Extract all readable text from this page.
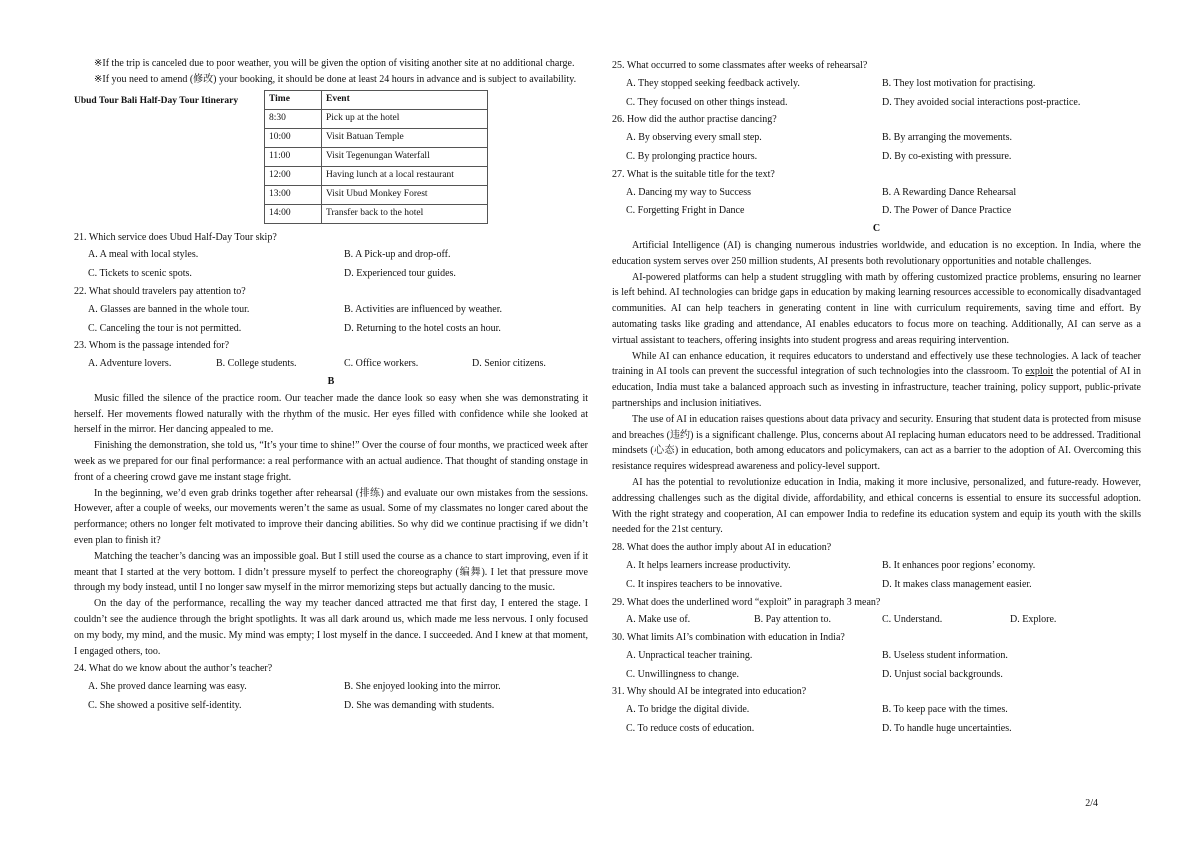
※If the trip is canceled due to poor weather, you will be given the option of visiting another site at no additional charge.

※If you need to amend (修改) your booking, it should be done at least 24 hours in advance and is subject to availability.

Ubud Tour Bali Half-Day Tour Itinerary	Time	Event
8:30	Pick up at the hotel
10:00	Visit Batuan Temple
11:00	Visit Tegenungan Waterfall
12:00	Having lunch at a local restaurant
13:00	Visit Ubud Monkey Forest
14:00	Transfer back to the hotel

21. Which service does Ubud Half-Day Tour skip?

A. A meal with local styles.	B. A Pick-up and drop-off.
C. Tickets to scenic spots.	D. Experienced tour guides.

22. What should travelers pay attention to?

A. Glasses are banned in the whole tour.	B. Activities are influenced by weather.
C. Canceling the tour is not permitted.	D. Returning to the hotel costs an hour.

23. Whom is the passage intended for?

A. Adventure lovers.	B. College students.	C. Office workers.	D. Senior citizens.

B

Music filled the silence of the practice room. Our teacher made the dance look so easy when she was demonstrating it herself. Her movements flowed naturally with the rhythm of the music. Her eyes filled with confidence while she looked at herself in the mirror. Her dancing appealed to me.

Finishing the demonstration, she told us, “It’s your time to shine!” Over the course of four months, we practiced week after week as we prepared for our final performance: a real performance with an actual audience. That thought of standing onstage in front of a cheering crowd gave me instant stage fright.

In the beginning, we’d even grab drinks together after rehearsal (排练) and evaluate our own mistakes from the sessions. However, after a couple of weeks, our movements weren’t the same as usual. Some of my classmates no longer cared about the performance; others no longer felt motivated to improve their dancing abilities. So why did we continue practising if we didn’t even plan to finish it?

Matching the teacher’s dancing was an impossible goal. But I still used the course as a chance to start improving, even if it meant that I started at the very bottom. I didn’t pressure myself to perfect the choreography (编舞). I let that pressure move through my body instead, until I no longer saw myself in the mirror memorizing steps but actually dancing to the music.

On the day of the performance, recalling the way my teacher danced attracted me that first day, I entered the stage. I couldn’t see the audience through the bright spotlights. It was all dark around us, which made me less nervous. I only focused on my body, my mind, and the music. My mind was empty; I lost myself in the dance. I succeeded. And I knew at that moment, I engaged others, too.

24. What do we know about the author’s teacher?

A. She proved dance learning was easy.	B. She enjoyed looking into the mirror.
C. She showed a positive self-identity.	D. She was demanding with students.

25. What occurred to some classmates after weeks of rehearsal?

A. They stopped seeking feedback actively.	B. They lost motivation for practising.
C. They focused on other things instead.	D. They avoided social interactions post-practice.

26. How did the author practise dancing?

A. By observing every small step.	B. By arranging the movements.
C. By prolonging practice hours.	D. By co-existing with pressure.

27. What is the suitable title for the text?

A. Dancing my way to Success	B. A Rewarding Dance Rehearsal
C. Forgetting Fright in Dance	D. The Power of Dance Practice

C

Artificial Intelligence (AI) is changing numerous industries worldwide, and education is no exception. In India, where the education system serves over 250 million students, AI presents both revolutionary opportunities and notable challenges.

AI-powered platforms can help a student struggling with math by offering customized practice problems, ensuring no learner is left behind. AI technologies can bridge gaps in education by making learning resources accessible to economically disadvantaged communities. AI can help teachers in generating content in line with curriculum requirements, saving time and effort. By automating tasks like grading and attendance, AI enables educators to focus more on teaching. Additionally, AI can serve as a virtual assistant to teachers, offering insights into student progress and areas requiring intervention.

While AI can enhance education, it requires educators to understand and effectively use these technologies. A lack of teacher training in AI tools can prevent the successful integration of such technologies into the classroom. To exploit the potential of AI in education, India must take a balanced approach such as investing in infrastructure, teacher training, policy support, public-private partnerships and inclusion initiatives.

The use of AI in education raises questions about data privacy and security. Ensuring that student data is protected from misuse and breaches (违约) is a significant challenge. Plus, concerns about AI replacing human educators need to be addressed. Traditional mindsets (心态) in education, both among educators and policymakers, can act as a barrier to the adoption of AI. Overcoming this resistance requires widespread awareness and policy-level support.

AI has the potential to revolutionize education in India, making it more inclusive, personalized, and future-ready. However, addressing challenges such as the digital divide, affordability, and ethical concerns is essential to ensure its successful adoption. With the right strategy and cooperation, AI can empower India to redefine its education system and equip its youth with the skills needed for the 21st century.

28. What does the author imply about AI in education?

A. It helps learners increase productivity.	B. It enhances poor regions’ economy.
C. It inspires teachers to be innovative.	D. It makes class management easier.

29. What does the underlined word “exploit” in paragraph 3 mean?

A. Make use of.	B. Pay attention to.	C. Understand.	D. Explore.

30. What limits AI’s combination with education in India?

A. Unpractical teacher training.	B. Useless student information.
C. Unwillingness to change.	D. Unjust social backgrounds.

31. Why should AI be integrated into education?

A. To bridge the digital divide.	B. To keep pace with the times.
C. To reduce costs of education.	D. To handle huge uncertainties.
2/4
